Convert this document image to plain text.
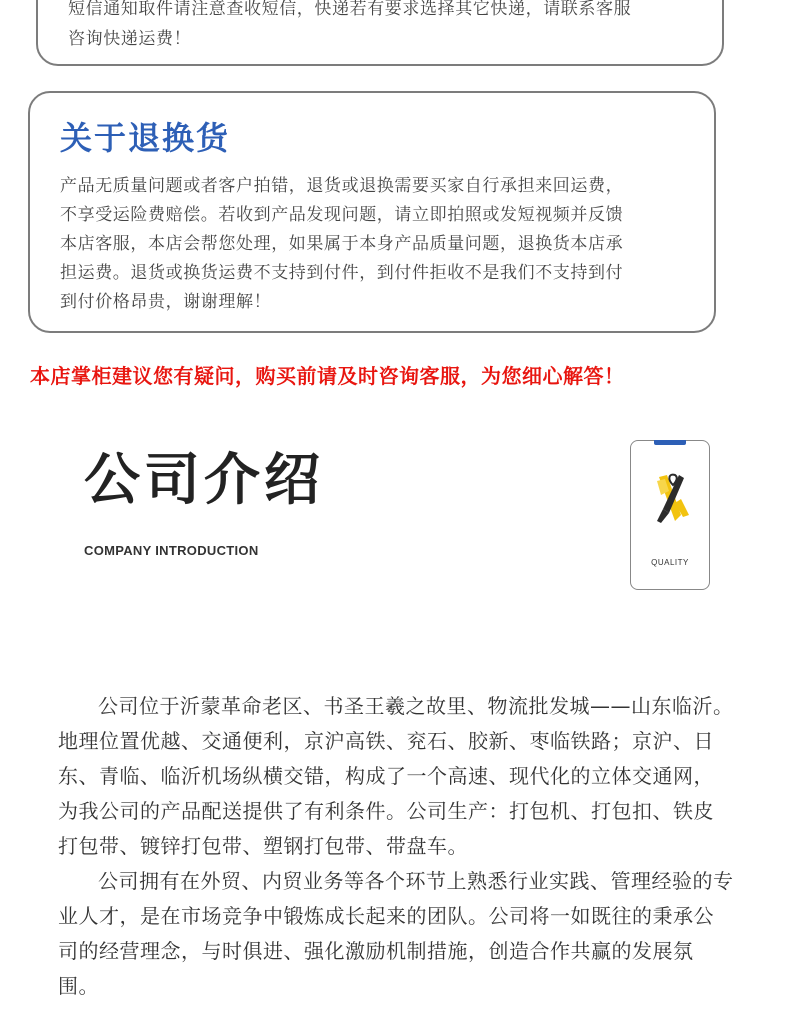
短信通知取件请注意查收短信，快递若有要求选择其它快递，请联系客服
咨询快递运费！
关于退换货
产品无质量问题或者客户拍错，退货或退换需要买家自行承担来回运费，
不享受运险费赔偿。若收到产品发现问题，请立即拍照或发短视频并反馈
本店客服，本店会帮您处理，如果属于本身产品质量问题，退换货本店承
担运费。退货或换货运费不支持到付件，到付件拒收不是我们不支持到付
到付价格昂贵，谢谢理解！
本店掌柜建议您有疑问，购买前请及时咨询客服，为您细心解答！
公司介绍
COMPANY INTRODUCTION
QUALITY

公司位于沂蒙革命老区、书圣王羲之故里、物流批发城——山东临沂。地理位置优越、交通便利，京沪高铁、兖石、胶新、枣临铁路；京沪、日东、青临、临沂机场纵横交错，构成了一个高速、现代化的立体交通网，为我公司的产品配送提供了有利条件。公司生产：打包机、打包扣、铁皮打包带、镀锌打包带、塑钢打包带、带盘车。

公司拥有在外贸、内贸业务等各个环节上熟悉行业实践、管理经验的专业人才，是在市场竞争中锻炼成长起来的团队。公司将一如既往的秉承公司的经营理念，与时俱进、强化激励机制措施，创造合作共赢的发展氛围。
